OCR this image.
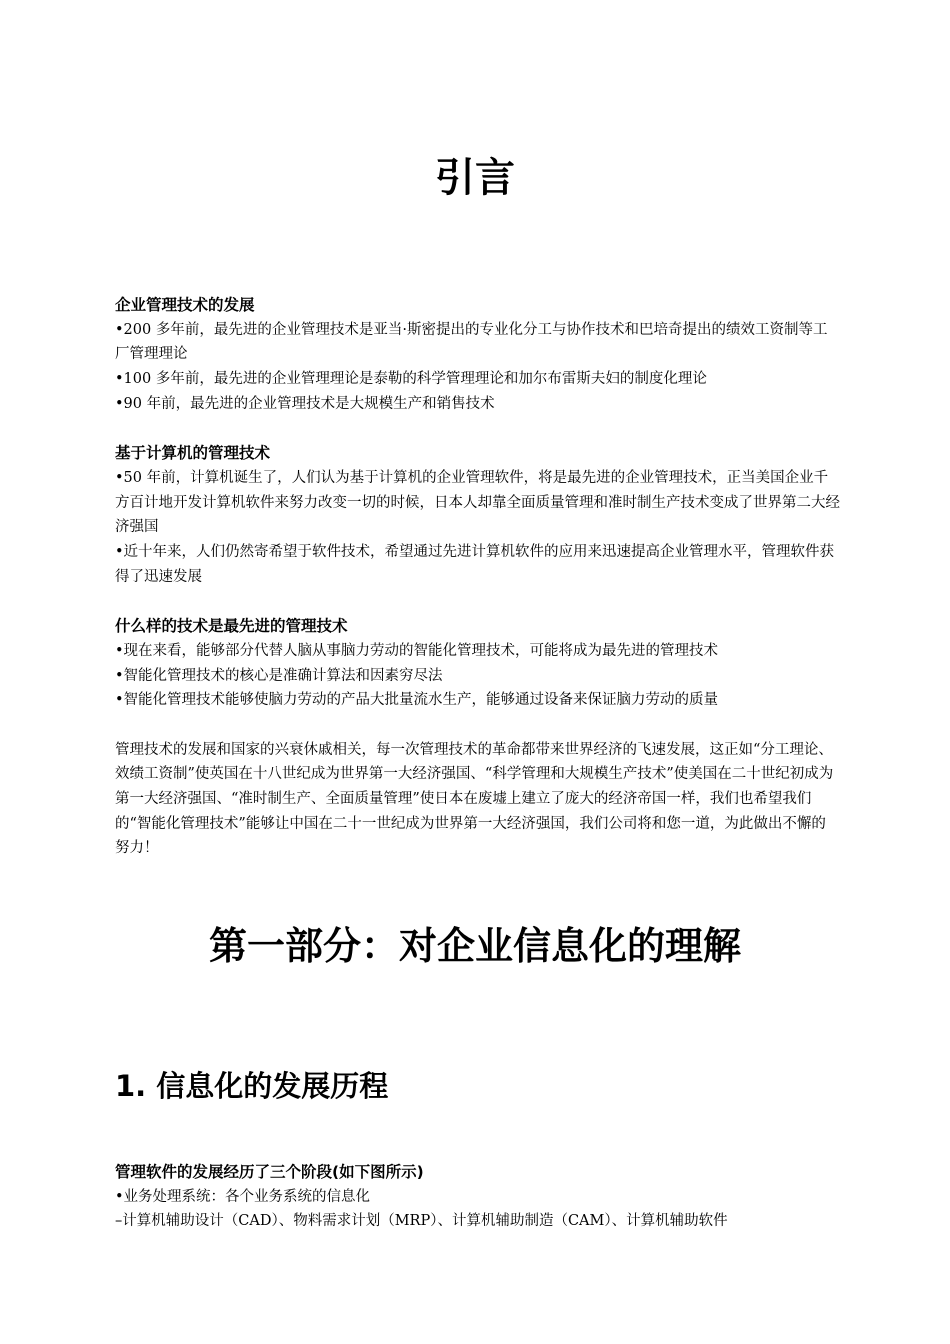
引言
企业管理技术的发展

•200 多年前，最先进的企业管理技术是亚当·斯密提出的专业化分工与协作技术和巴培奇提出的绩效工资制等工厂管理理论

•100 多年前，最先进的企业管理理论是泰勒的科学管理理论和加尔布雷斯夫妇的制度化理论

•90 年前，最先进的企业管理技术是大规模生产和销售技术

基于计算机的管理技术

•50 年前，计算机诞生了，人们认为基于计算机的企业管理软件，将是最先进的企业管理技术，正当美国企业千方百计地开发计算机软件来努力改变一切的时候，日本人却靠全面质量管理和准时制生产技术变成了世界第二大经济强国

•近十年来，人们仍然寄希望于软件技术，希望通过先进计算机软件的应用来迅速提高企业管理水平，管理软件获得了迅速发展

什么样的技术是最先进的管理技术

•现在来看，能够部分代替人脑从事脑力劳动的智能化管理技术，可能将成为最先进的管理技术

•智能化管理技术的核心是准确计算法和因素穷尽法

•智能化管理技术能够使脑力劳动的产品大批量流水生产，能够通过设备来保证脑力劳动的质量

管理技术的发展和国家的兴衰休戚相关，每一次管理技术的革命都带来世界经济的飞速发展，这正如“分工理论、效绩工资制”使英国在十八世纪成为世界第一大经济强国、“科学管理和大规模生产技术”使美国在二十世纪初成为第一大经济强国、“准时制生产、全面质量管理”使日本在废墟上建立了庞大的经济帝国一样，我们也希望我们的“智能化管理技术”能够让中国在二十一世纪成为世界第一大经济强国，我们公司将和您一道，为此做出不懈的努力！

第一部分：对企业信息化的理解
1. 信息化的发展历程
管理软件的发展经历了三个阶段(如下图所示)

•业务处理系统：各个业务系统的信息化

–计算机辅助设计（CAD）、物料需求计划（MRP）、计算机辅助制造（CAM）、计算机辅助软件
